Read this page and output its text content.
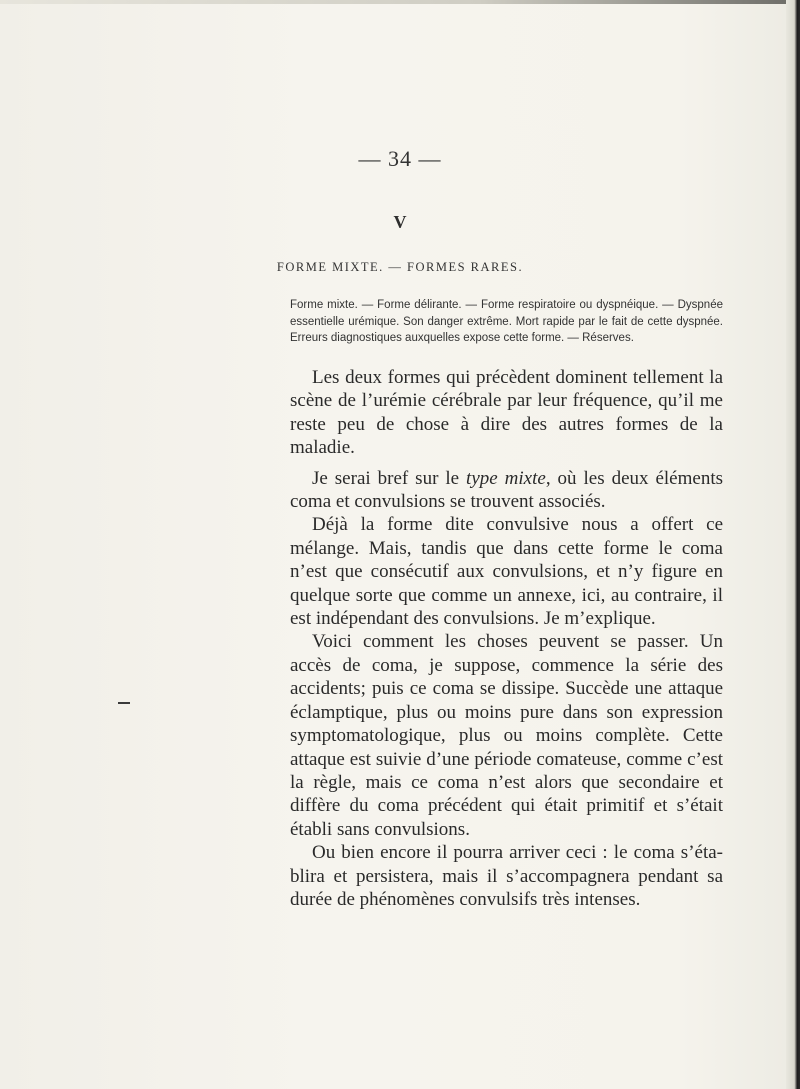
— 34 —
V
FORME MIXTE. — FORMES RARES.

Forme mixte. — Forme délirante. — Forme respiratoire ou dyspnéique. — Dyspnée essentielle urémique. Son danger extrême. Mort rapide par le fait de cette dyspnée. Erreurs diagnostiques auxquelles expose cette forme. — Réserves.

Les deux formes qui précèdent dominent tellement la scène de l’urémie cérébrale par leur fréquence, qu’il me reste peu de chose à dire des autres formes de la maladie.

Je serai bref sur le type mixte, où les deux éléments coma et convulsions se trouvent associés.

Déjà la forme dite convulsive nous a offert ce mélange. Mais, tandis que dans cette forme le coma n’est que consécutif aux convulsions, et n’y figure en quelque sorte que comme un annexe, ici, au contraire, il est indépendant des convulsions. Je m’explique.

Voici comment les choses peuvent se passer. Un accès de coma, je suppose, commence la série des accidents; puis ce coma se dissipe. Succède une attaque éclamptique, plus ou moins pure dans son expression symptomatologique, plus ou moins complète. Cette attaque est suivie d’une période comateuse, comme c’est la règle, mais ce coma n’est alors que secondaire et diffère du coma précédent qui était primitif et s’était établi sans convulsions.

Ou bien encore il pourra arriver ceci : le coma s’établira et persistera, mais il s’accompagnera pendant sa durée de phénomènes convulsifs très intenses.
